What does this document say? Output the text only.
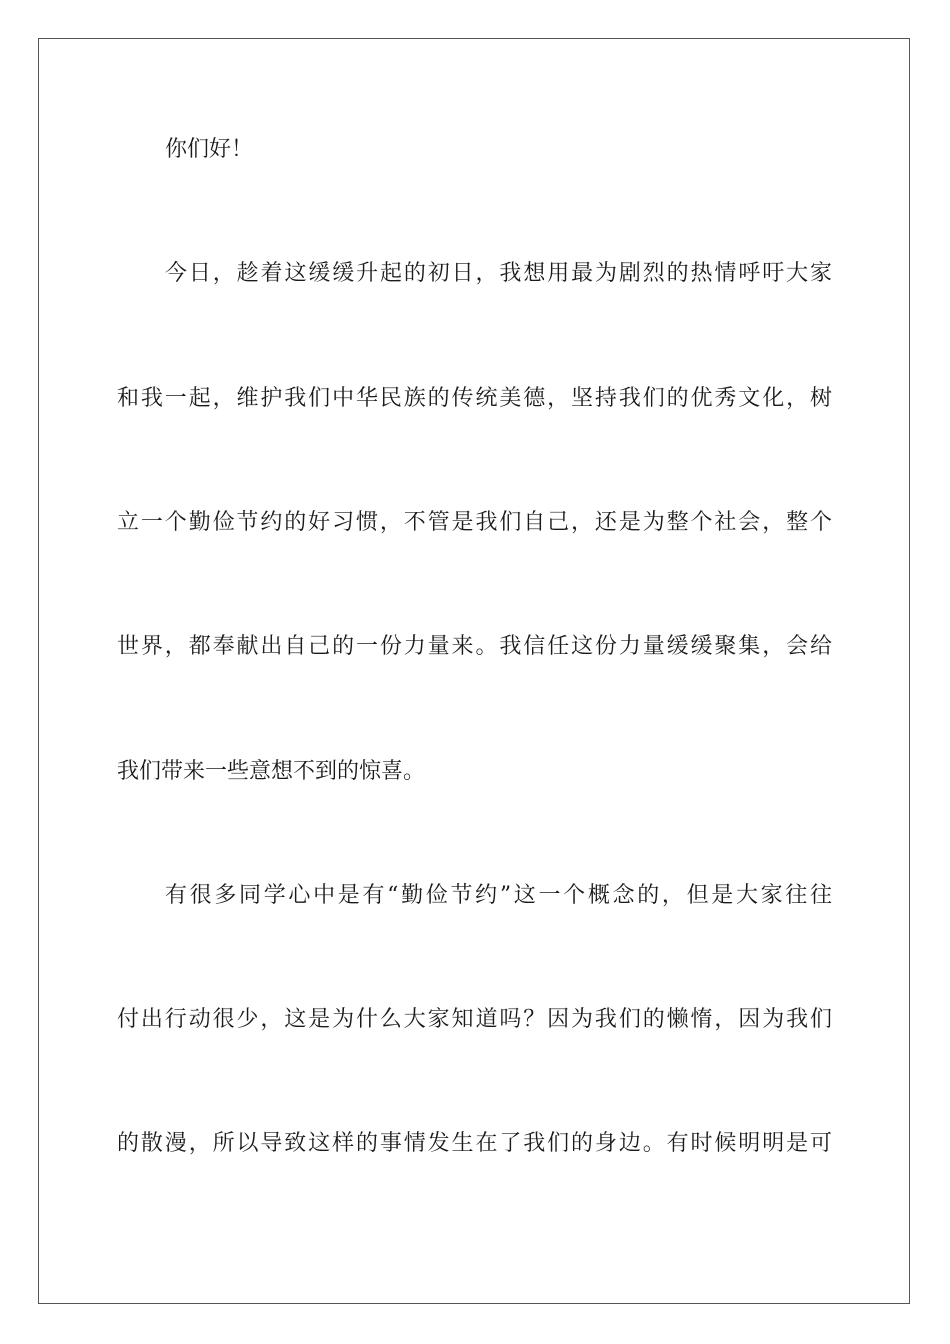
你们好！
今日，趁着这缓缓升起的初日，我想用最为剧烈的热情呼吁大家
和我一起，维护我们中华民族的传统美德，坚持我们的优秀文化，树
立一个勤俭节约的好习惯，不管是我们自己，还是为整个社会，整个
世界，都奉献出自己的一份力量来。我信任这份力量缓缓聚集，会给
我们带来一些意想不到的惊喜。
有很多同学心中是有“勤俭节约”这一个概念的，但是大家往往
付出行动很少，这是为什么大家知道吗？因为我们的懒惰，因为我们
的散漫，所以导致这样的事情发生在了我们的身边。有时候明明是可
